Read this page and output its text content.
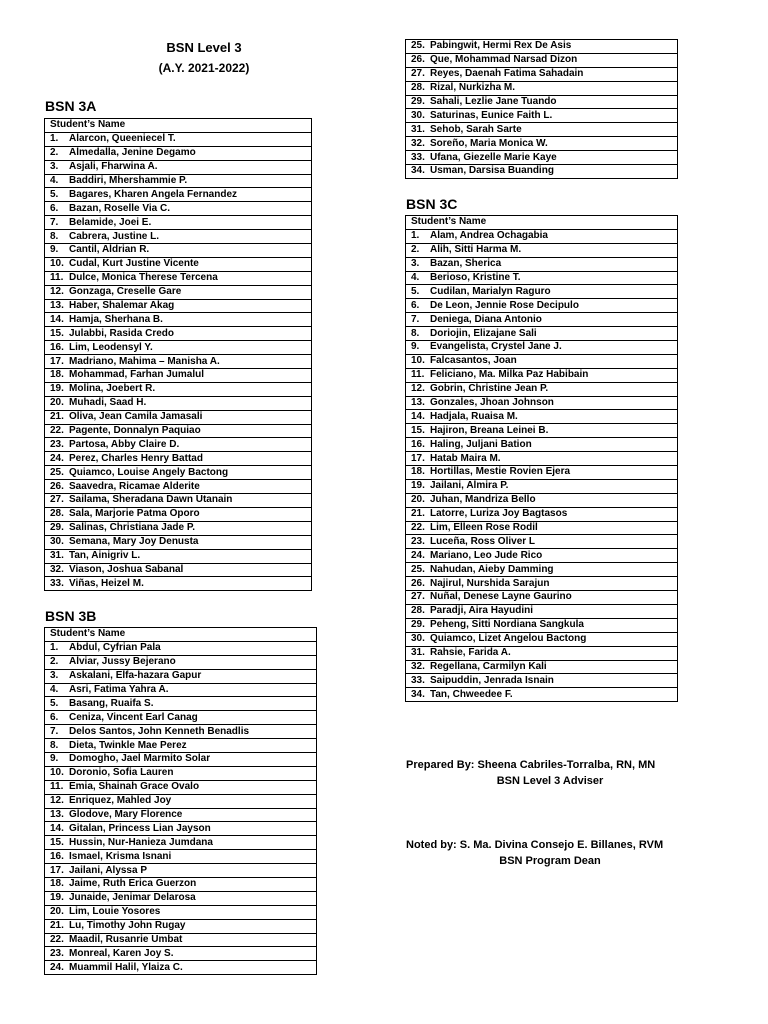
BSN Level 3
(A.Y. 2021-2022)
BSN 3A
Student’s Name
1. Alarcon, Queeniecel T.
2. Almedalla, Jenine Degamo
3. Asjali, Fharwina A.
4. Baddiri, Mhershammie P.
5. Bagares, Kharen Angela Fernandez
6. Bazan, Roselle Via C.
7. Belamide, Joei E.
8. Cabrera, Justine L.
9. Cantil, Aldrian R.
10. Cudal, Kurt Justine Vicente
11. Dulce, Monica Therese Tercena
12. Gonzaga, Creselle Gare
13. Haber, Shalemar Akag
14. Hamja, Sherhana B.
15. Julabbi, Rasida Credo
16. Lim, Leodensyl Y.
17. Madriano, Mahima – Manisha A.
18. Mohammad, Farhan Jumalul
19. Molina, Joebert R.
20. Muhadi, Saad H.
21. Oliva, Jean Camila Jamasali
22. Pagente, Donnalyn Paquiao
23. Partosa, Abby Claire D.
24. Perez, Charles Henry Battad
25. Quiamco, Louise Angely Bactong
26. Saavedra, Ricamae Alderite
27. Sailama, Sheradana Dawn Utanain
28. Sala, Marjorie Patma Oporo
29. Salinas, Christiana Jade P.
30. Semana, Mary Joy Denusta
31. Tan, Ainigriv L.
32. Viason, Joshua Sabanal
33. Viñas, Heizel M.
BSN 3B
Student’s Name
1. Abdul, Cyfrian Pala
2. Alviar, Jussy Bejerano
3. Askalani, Elfa-hazara Gapur
4. Asri, Fatima Yahra A.
5. Basang, Ruaifa S.
6. Ceniza, Vincent Earl Canag
7. Delos Santos, John Kenneth Benadlis
8. Dieta, Twinkle Mae Perez
9. Domogho, Jael Marmito Solar
10. Doronio, Sofia Lauren
11. Emia, Shainah Grace Ovalo
12. Enriquez, Mahled Joy
13. Glodove, Mary Florence
14. Gitalan, Princess Lian Jayson
15. Hussin, Nur-Hanieza Jumdana
16. Ismael, Krisma Isnani
17. Jailani, Alyssa P
18. Jaime, Ruth Erica Guerzon
19. Junaide, Jenimar Delarosa
20. Lim, Louie Yosores
21. Lu, Timothy John Rugay
22. Maadil, Rusanrie Umbat
23. Monreal, Karen Joy S.
24. Muammil Halil, Ylaiza C.
25. Pabingwit, Hermi Rex De Asis
26. Que, Mohammad Narsad Dizon
27. Reyes, Daenah Fatima Sahadain
28. Rizal, Nurkizha M.
29. Sahali, Lezlie Jane Tuando
30. Saturinas, Eunice Faith L.
31. Sehob, Sarah Sarte
32. Soreño, Maria Monica W.
33. Ufana, Giezelle Marie Kaye
34. Usman, Darsisa Buanding
BSN 3C
Student’s Name
1. Alam, Andrea Ochagabia
2. Alih, Sitti Harma M.
3. Bazan, Sherica
4. Berioso, Kristine T.
5. Cudilan, Marialyn Raguro
6. De Leon, Jennie Rose Decipulo
7. Deniega, Diana Antonio
8. Doriojin, Elizajane Sali
9. Evangelista, Crystel Jane J.
10. Falcasantos, Joan
11. Feliciano, Ma. Milka Paz Habibain
12. Gobrin, Christine Jean P.
13. Gonzales, Jhoan Johnson
14. Hadjala, Ruaisa M.
15. Hajiron, Breana Leinei B.
16. Haling, Juljani Bation
17. Hatab Maira M.
18. Hortillas, Mestie Rovien Ejera
19. Jailani, Almira P.
20. Juhan, Mandriza Bello
21. Latorre, Luriza Joy Bagtasos
22. Lim, Elleen Rose Rodil
23. Luceña, Ross Oliver L
24. Mariano, Leo Jude Rico
25. Nahudan, Aieby Damming
26. Najirul, Nurshida Sarajun
27. Nuñal, Denese Layne Gaurino
28. Paradji, Aira Hayudini
29. Peheng, Sitti Nordiana Sangkula
30. Quiamco, Lizet Angelou Bactong
31. Rahsie, Farida A.
32. Regellana, Carmilyn Kali
33. Saipuddin, Jenrada Isnain
34. Tan, Chweedee F.
Prepared By: Sheena Cabriles-Torralba, RN, MN
BSN Level 3 Adviser
Noted by: S. Ma. Divina Consejo E. Billanes, RVM
BSN Program Dean
